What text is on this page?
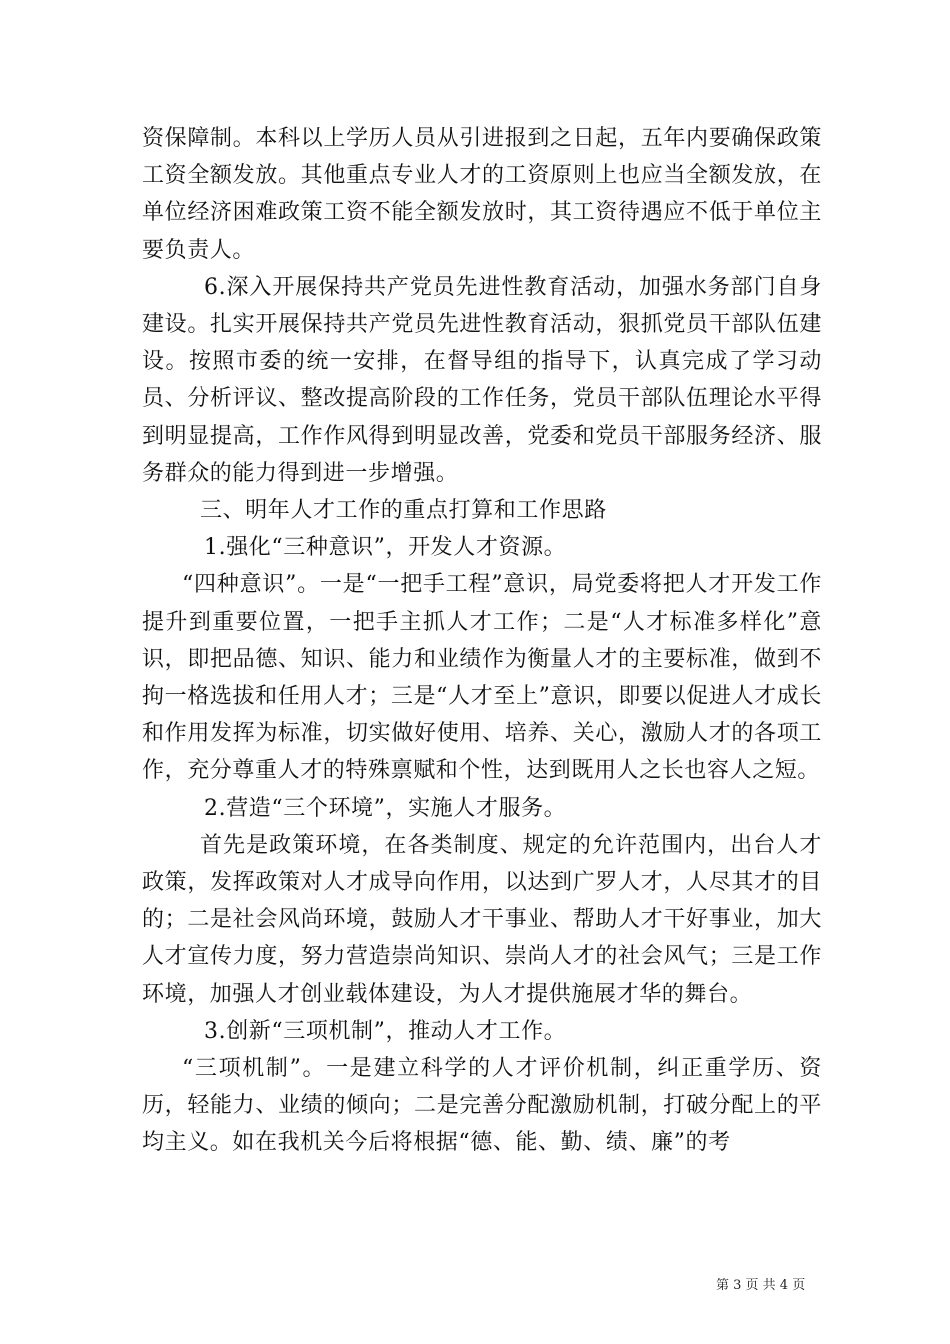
资保障制。本科以上学历人员从引进报到之日起，五年内要确保政策工资全额发放。其他重点专业人才的工资原则上也应当全额发放，在单位经济困难政策工资不能全额发放时，其工资待遇应不低于单位主要负责人。

6.深入开展保持共产党员先进性教育活动，加强水务部门自身建设。扎实开展保持共产党员先进性教育活动，狠抓党员干部队伍建设。按照市委的统一安排，在督导组的指导下，认真完成了学习动员、分析评议、整改提高阶段的工作任务，党员干部队伍理论水平得到明显提高，工作作风得到明显改善，党委和党员干部服务经济、服务群众的能力得到进一步增强。

三、明年人才工作的重点打算和工作思路

1.强化“三种意识”，开发人才资源。

“四种意识”。一是“一把手工程”意识，局党委将把人才开发工作提升到重要位置，一把手主抓人才工作；二是“人才标准多样化”意识，即把品德、知识、能力和业绩作为衡量人才的主要标准，做到不拘一格选拔和任用人才；三是“人才至上”意识，即要以促进人才成长和作用发挥为标准，切实做好使用、培养、关心，激励人才的各项工作，充分尊重人才的特殊禀赋和个性，达到既用人之长也容人之短。

2.营造“三个环境”，实施人才服务。

首先是政策环境，在各类制度、规定的允许范围内，出台人才政策，发挥政策对人才成导向作用，以达到广罗人才，人尽其才的目的；二是社会风尚环境，鼓励人才干事业、帮助人才干好事业，加大人才宣传力度，努力营造崇尚知识、崇尚人才的社会风气；三是工作环境，加强人才创业载体建设，为人才提供施展才华的舞台。

3.创新“三项机制”，推动人才工作。

“三项机制”。一是建立科学的人才评价机制，纠正重学历、资历，轻能力、业绩的倾向；二是完善分配激励机制，打破分配上的平均主义。如在我机关今后将根据“德、能、勤、绩、廉”的考

第 3 页 共 4 页
